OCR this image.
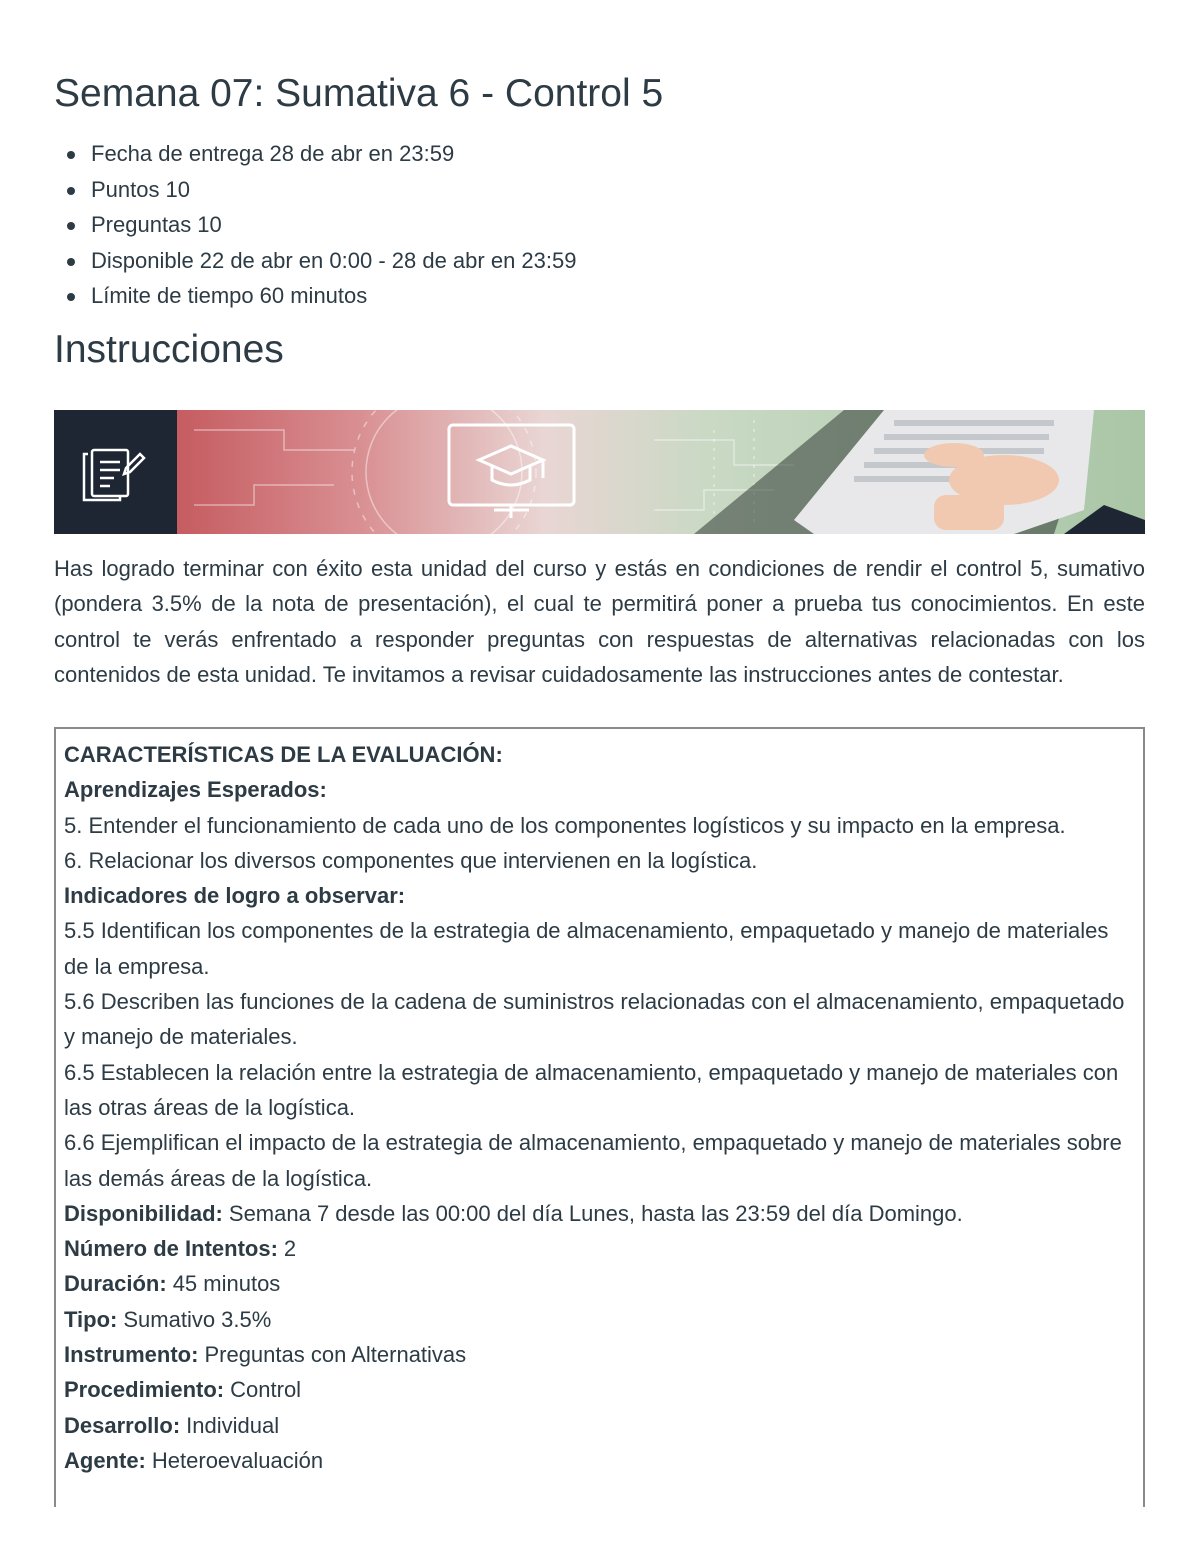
Semana 07: Sumativa 6 - Control 5
Fecha de entrega 28 de abr en 23:59
Puntos 10
Preguntas 10
Disponible 22 de abr en 0:00 - 28 de abr en 23:59
Límite de tiempo 60 minutos
Instrucciones

Has logrado terminar con éxito esta unidad del curso y estás en condiciones de rendir el control 5, sumativo (pondera 3.5% de la nota de presentación), el cual te permitirá poner a prueba tus conocimientos. En este control te verás enfrentado a responder preguntas con respuestas de alternativas relacionadas con los contenidos de esta unidad. Te invitamos a revisar cuidadosamente las instrucciones antes de contestar.

CARACTERÍSTICAS DE LA EVALUACIÓN:
Aprendizajes Esperados:
5. Entender el funcionamiento de cada uno de los componentes logísticos y su impacto en la empresa.
6. Relacionar los diversos componentes que intervienen en la logística.
Indicadores de logro a observar:
5.5 Identifican los componentes de la estrategia de almacenamiento, empaquetado y manejo de materiales de la empresa.
5.6 Describen las funciones de la cadena de suministros relacionadas con el almacenamiento, empaquetado y manejo de materiales.
6.5 Establecen la relación entre la estrategia de almacenamiento, empaquetado y manejo de materiales con las otras áreas de la logística.
6.6 Ejemplifican el impacto de la estrategia de almacenamiento, empaquetado y manejo de materiales sobre las demás áreas de la logística.
Disponibilidad: Semana 7 desde las 00:00 del día Lunes, hasta las 23:59 del día Domingo.
Número de Intentos: 2
Duración: 45 minutos
Tipo: Sumativo 3.5%
Instrumento: Preguntas con Alternativas
Procedimiento: Control
Desarrollo: Individual
Agente: Heteroevaluación
